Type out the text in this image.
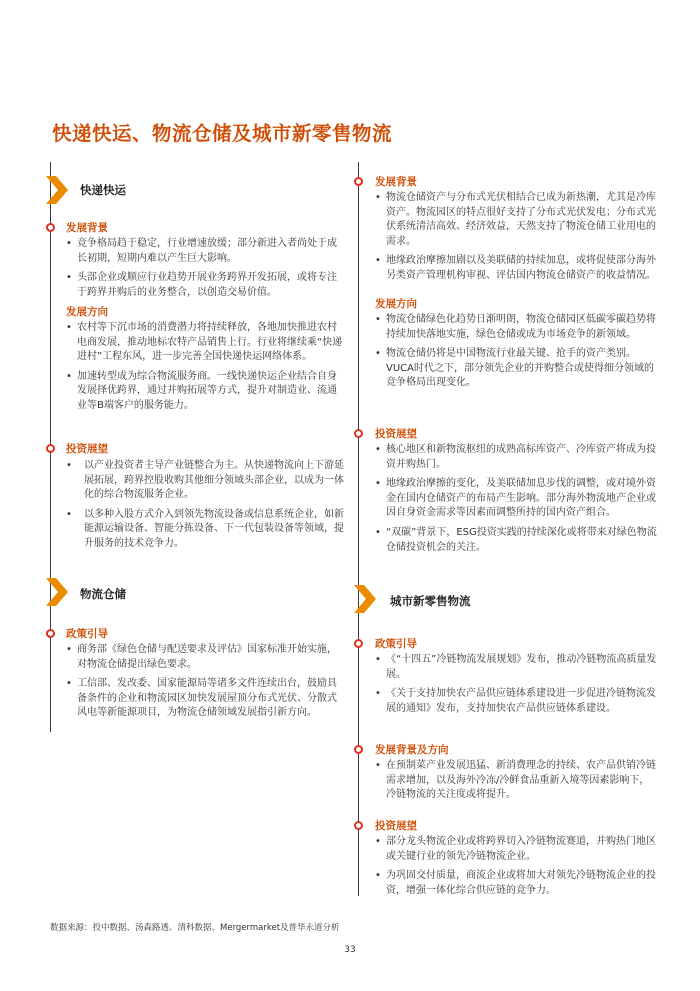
快递快运、物流仓储及城市新零售物流
快递快运
发展背景
• 竞争格局趋于稳定，行业增速放缓；部分新进入者尚处于成长初期，短期内难以产生巨大影响。
• 头部企业或顺应行业趋势开展业务跨界开发拓展，或将专注于跨界并购后的业务整合，以创造交易价值。
发展方向
• 农村等下沉市场的消费潜力将持续释放，各地加快推进农村电商发展，推动地标农特产品销售上行。行业将继续乘“快递进村”工程东风，进一步完善全国快递快运网络体系。
• 加速转型成为综合物流服务商。一线快递快运企业结合自身发展择优跨界，通过并购拓展等方式，提升对制造业、流通业等B端客户的服务能力。
投资展望
• 以产业投资者主导产业链整合为主。从快递物流向上下游延展拓展，跨界控股收购其他细分领域头部企业，以成为一体化的综合物流服务企业。
• 以多种入股方式介入到领先物流设备或信息系统企业，如新能源运输设备、智能分拣设备、下一代包装设备等领域，提升服务的技术竞争力。
物流仓储
政策引导
• 商务部《绿色仓储与配送要求及评估》国家标准开始实施，对物流仓储提出绿色要求。
• 工信部、发改委、国家能源局等诸多文件连续出台，鼓励具备条件的企业和物流园区加快发展屋顶分布式光伏、分散式风电等新能源项目，为物流仓储领域发展指引新方向。
发展背景
• 物流仓储资产与分布式光伏相结合已成为新热潮，尤其是冷库资产。物流园区的特点很好支持了分布式光伏发电；分布式光伏系统清洁高效、经济效益，天然支持了物流仓储工业用电的需求。
• 地缘政治摩擦加剧以及美联储的持续加息，或将促使部分海外另类资产管理机构审视、评估国内物流仓储资产的收益情况。
发展方向
• 物流仓储绿色化趋势日渐明朗，物流仓储园区低碳零碳趋势将持续加快落地实施，绿色仓储或成为市场竞争的新领域。
• 物流仓储仍将是中国物流行业最关键、抢手的资产类别。VUCA时代之下，部分领先企业的并购整合或使得细分领域的竞争格局出现变化。
投资展望
• 核心地区和新物流枢纽的成熟高标库资产、冷库资产将成为投资并购热门。
• 地缘政治摩擦的变化，及美联储加息步伐的调整，或对境外资金在国内仓储资产的布局产生影响。部分海外物流地产企业或因自身资金需求等因素而调整所持的国内资产组合。
• “双碳”背景下，ESG投资实践的持续深化或将带来对绿色物流仓储投资机会的关注。
城市新零售物流
政策引导
• 《“十四五”冷链物流发展规划》发布，推动冷链物流高质量发展。
• 《关于支持加快农产品供应链体系建设进一步促进冷链物流发展的通知》发布，支持加快农产品供应链体系建设。
发展背景及方向
• 在预制菜产业发展迅猛、新消费理念的持续、农产品供销冷链需求增加，以及海外冷冻/冷鲜食品重新入境等因素影响下，冷链物流的关注度或将提升。
投资展望
• 部分龙头物流企业或将跨界切入冷链物流赛道，并购热门地区或关键行业的领先冷链物流企业。
• 为巩固交付质量，商流企业或将加大对领先冷链物流企业的投资，增强一体化综合供应链的竞争力。
数据来源：投中数据、汤森路透、清科数据、Mergermarket及普华永道分析
33
